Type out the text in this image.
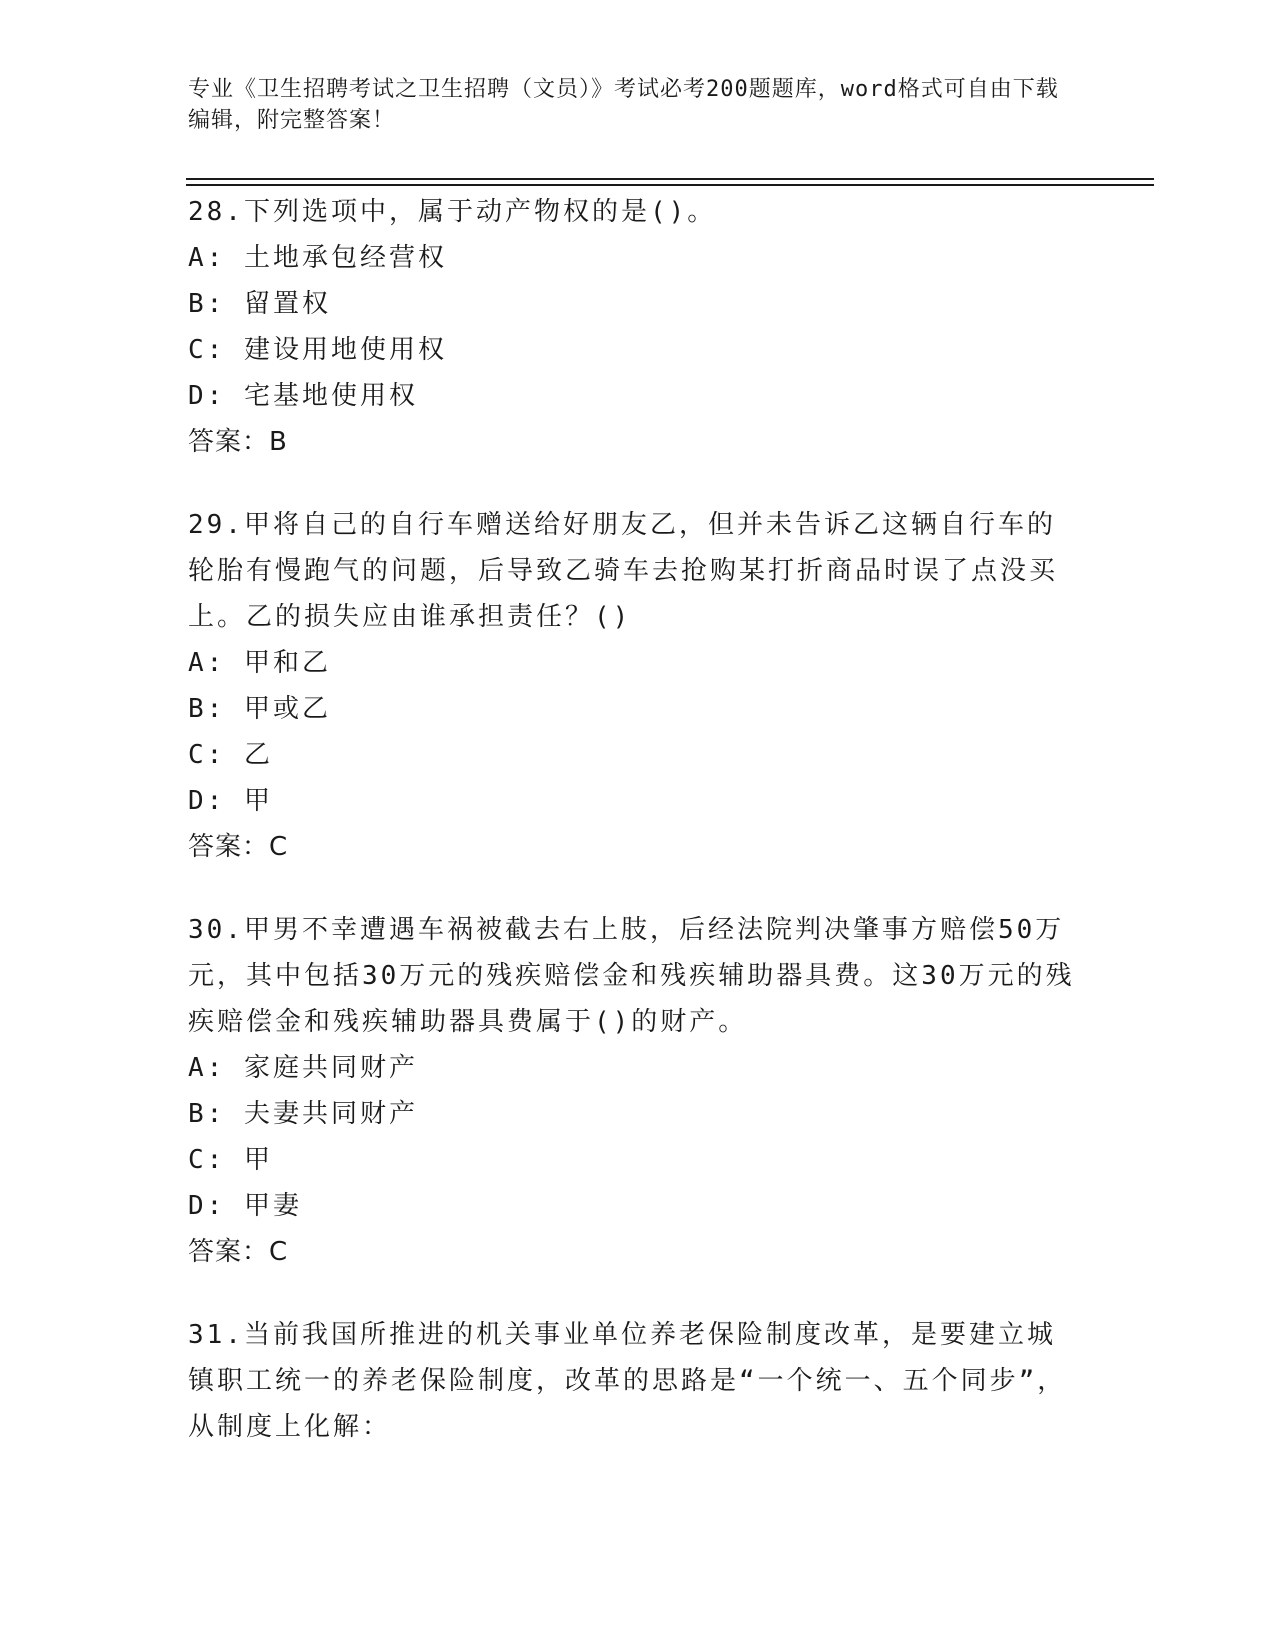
专业《卫生招聘考试之卫生招聘（文员）》考试必考200题题库，word格式可自由下载编辑，附完整答案！

28.下列选项中，属于动产物权的是()。

A: 土地承包经营权

B: 留置权

C: 建设用地使用权

D: 宅基地使用权

答案：B

29.甲将自己的自行车赠送给好朋友乙，但并未告诉乙这辆自行车的轮胎有慢跑气的问题，后导致乙骑车去抢购某打折商品时误了点没买上。乙的损失应由谁承担责任？()

A: 甲和乙

B: 甲或乙

C: 乙

D: 甲

答案：C

30.甲男不幸遭遇车祸被截去右上肢，后经法院判决肇事方赔偿50万元，其中包括30万元的残疾赔偿金和残疾辅助器具费。这30万元的残疾赔偿金和残疾辅助器具费属于()的财产。

A: 家庭共同财产

B: 夫妻共同财产

C: 甲

D: 甲妻

答案：C

31.当前我国所推进的机关事业单位养老保险制度改革，是要建立城镇职工统一的养老保险制度，改革的思路是“一个统一、五个同步”，从制度上化解：
